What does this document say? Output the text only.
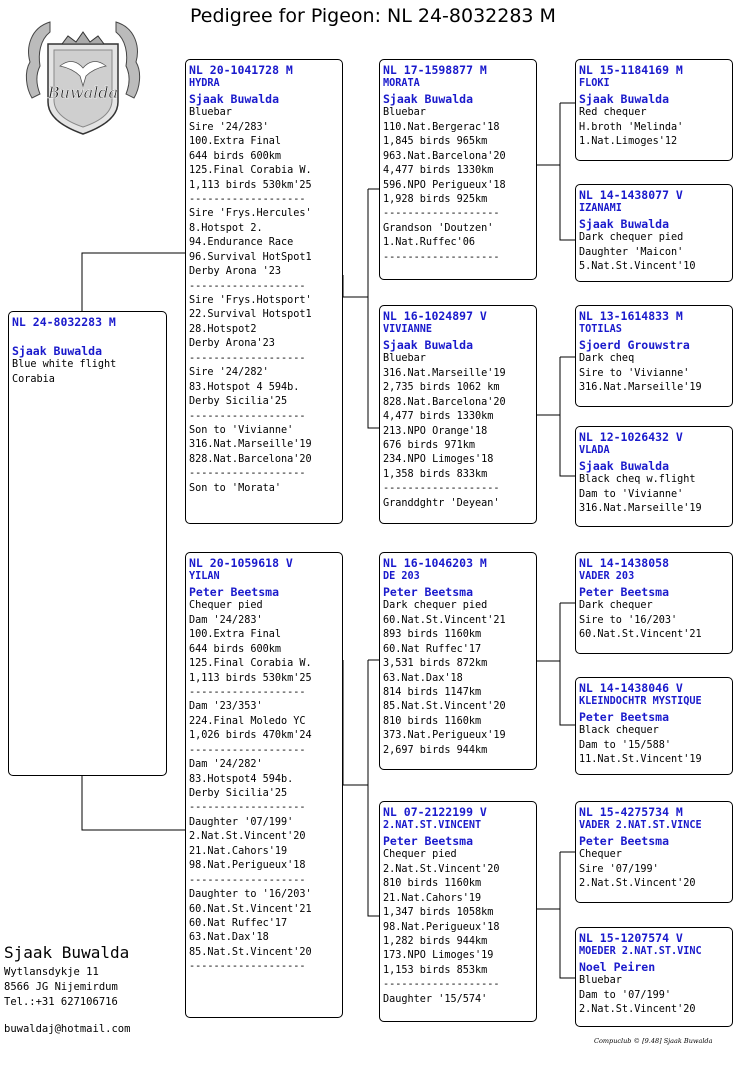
Pedigree for Pigeon: NL 24-8032283 M
Buwalda
NL 24-8032283 M
Sjaak Buwalda
Blue white flight
Corabia
NL 20-1041728 M
HYDRA
Sjaak Buwalda
Bluebar
Sire '24/283'
100.Extra Final
644 birds 600km
125.Final Corabia W.
1,113 birds 530km'25
-------------------
Sire 'Frys.Hercules'
8.Hotspot 2.
94.Endurance Race
96.Survival HotSpot1
Derby Arona '23
-------------------
Sire 'Frys.Hotsport'
22.Survival Hotspot1
28.Hotspot2
Derby Arona'23
-------------------
Sire '24/282'
83.Hotspot 4 594b.
Derby Sicilia'25
-------------------
Son to 'Vivianne'
316.Nat.Marseille'19
828.Nat.Barcelona'20
-------------------
Son to 'Morata'
NL 20-1059618 V
YILAN
Peter Beetsma
Chequer pied
Dam '24/283'
100.Extra Final
644 birds 600km
125.Final Corabia W.
1,113 birds 530km'25
-------------------
Dam '23/353'
224.Final Moledo YC
1,026 birds 470km'24
-------------------
Dam '24/282'
83.Hotspot4 594b.
Derby Sicilia'25
-------------------
Daughter '07/199'
2.Nat.St.Vincent'20
21.Nat.Cahors'19
98.Nat.Perigueux'18
-------------------
Daughter to '16/203'
60.Nat.St.Vincent'21
60.Nat Ruffec'17
63.Nat.Dax'18
85.Nat.St.Vincent'20
-------------------
NL 17-1598877 M
MORATA
Sjaak Buwalda
Bluebar
110.Nat.Bergerac'18
1,845 birds 965km
963.Nat.Barcelona'20
4,477 birds 1330km
596.NPO Perigueux'18
1,928 birds 925km
-------------------
Grandson 'Doutzen'
1.Nat.Ruffec'06
-------------------
NL 16-1024897 V
VIVIANNE
Sjaak Buwalda
Bluebar
316.Nat.Marseille'19
2,735 birds 1062 km
828.Nat.Barcelona'20
4,477 birds 1330km
213.NPO Orange'18
676 birds 971km
234.NPO Limoges'18
1,358 birds 833km
-------------------
Granddghtr 'Deyean'
NL 16-1046203 M
DE 203
Peter Beetsma
Dark chequer pied
60.Nat.St.Vincent'21
893 birds 1160km
60.Nat Ruffec'17
3,531 birds 872km
63.Nat.Dax'18
814 birds 1147km
85.Nat.St.Vincent'20
810 birds 1160km
373.Nat.Perigueux'19
2,697 birds 944km
NL 07-2122199 V
2.NAT.ST.VINCENT
Peter Beetsma
Chequer pied
2.Nat.St.Vincent'20
810 birds 1160km
21.Nat.Cahors'19
1,347 birds 1058km
98.Nat.Perigueux'18
1,282 birds 944km
173.NPO Limoges'19
1,153 birds 853km
-------------------
Daughter '15/574'
NL 15-1184169 M
FLOKI
Sjaak Buwalda
Red chequer
H.broth 'Melinda'
1.Nat.Limoges'12
NL 14-1438077 V
IZANAMI
Sjaak Buwalda
Dark chequer pied
Daughter 'Maicon'
5.Nat.St.Vincent'10
NL 13-1614833 M
TOTILAS
Sjoerd Grouwstra
Dark cheq
Sire to 'Vivianne'
316.Nat.Marseille'19
NL 12-1026432 V
VLADA
Sjaak Buwalda
Black cheq w.flight
Dam to 'Vivianne'
316.Nat.Marseille'19
NL 14-1438058
VADER 203
Peter Beetsma
Dark chequer
Sire to '16/203'
60.Nat.St.Vincent'21
NL 14-1438046 V
KLEINDOCHTR MYSTIQUE
Peter Beetsma
Black chequer
Dam to '15/588'
11.Nat.St.Vincent'19
NL 15-4275734 M
VADER 2.NAT.ST.VINCE
Peter Beetsma
Chequer
Sire '07/199'
2.Nat.St.Vincent'20
NL 15-1207574 V
MOEDER 2.NAT.ST.VINC
Noel Peiren
Bluebar
Dam to '07/199'
2.Nat.St.Vincent'20
Sjaak Buwalda
Wytlansdykje 11
8566 JG Nijemirdum
Tel.:+31 627106716
buwaldaj@hotmail.com
Compuclub © [9.48] Sjaak Buwalda
